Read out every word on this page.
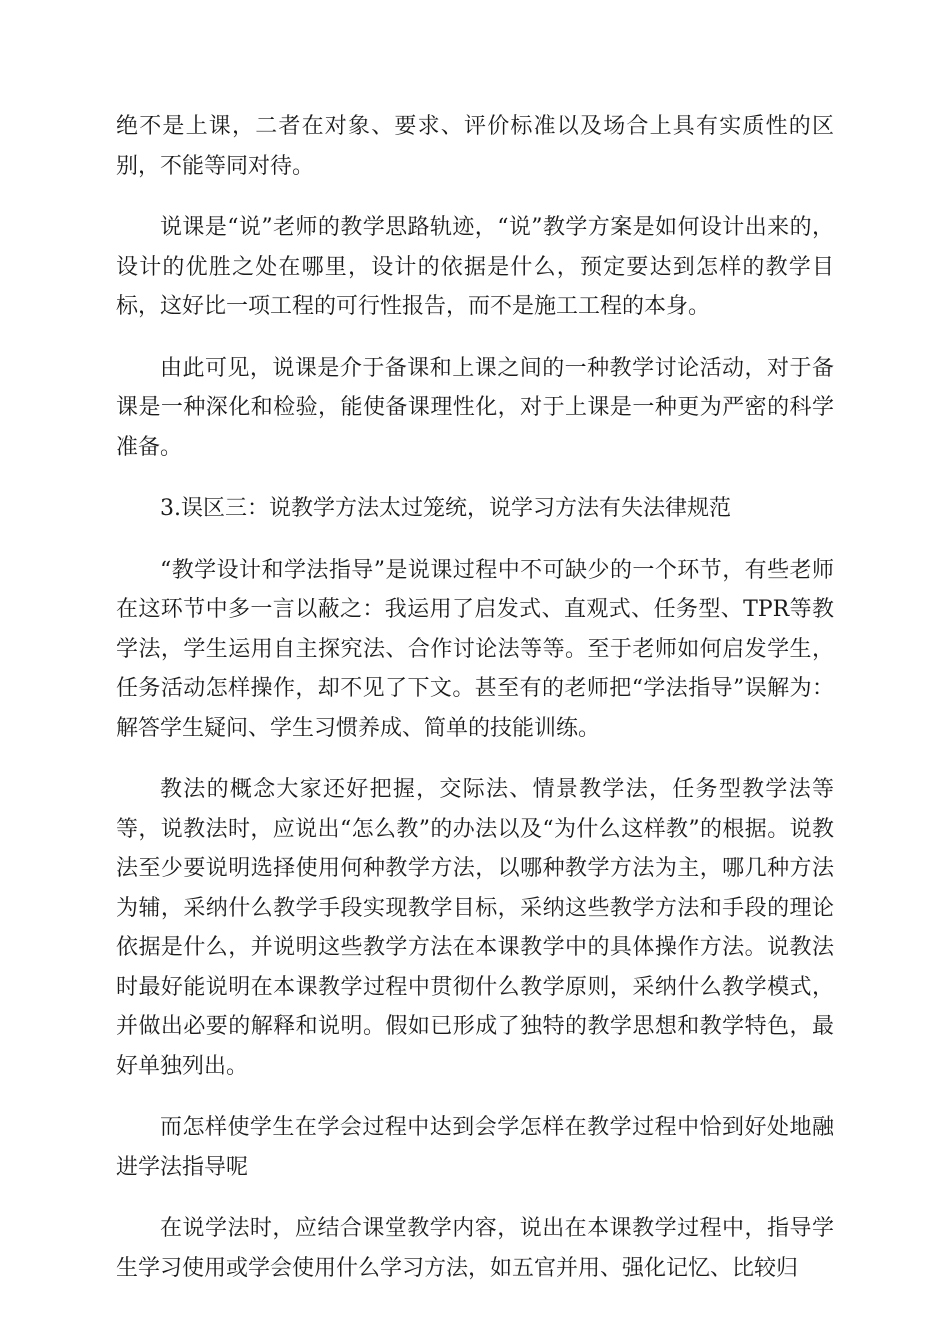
绝不是上课，二者在对象、要求、评价标准以及场合上具有实质性的区别，不能等同对待。

说课是“说”老师的教学思路轨迹，“说”教学方案是如何设计出来的，设计的优胜之处在哪里，设计的依据是什么，预定要达到怎样的教学目标，这好比一项工程的可行性报告，而不是施工工程的本身。

由此可见，说课是介于备课和上课之间的一种教学讨论活动，对于备课是一种深化和检验，能使备课理性化，对于上课是一种更为严密的科学准备。

3.误区三：说教学方法太过笼统，说学习方法有失法律规范

“教学设计和学法指导”是说课过程中不可缺少的一个环节，有些老师在这环节中多一言以蔽之：我运用了启发式、直观式、任务型、TPR等教学法，学生运用自主探究法、合作讨论法等等。至于老师如何启发学生，任务活动怎样操作，却不见了下文。甚至有的老师把“学法指导”误解为：解答学生疑问、学生习惯养成、简单的技能训练。

教法的概念大家还好把握，交际法、情景教学法，任务型教学法等等，说教法时，应说出“怎么教”的办法以及“为什么这样教”的根据。说教法至少要说明选择使用何种教学方法，以哪种教学方法为主，哪几种方法为辅，采纳什么教学手段实现教学目标，采纳这些教学方法和手段的理论依据是什么，并说明这些教学方法在本课教学中的具体操作方法。说教法时最好能说明在本课教学过程中贯彻什么教学原则，采纳什么教学模式，并做出必要的解释和说明。假如已形成了独特的教学思想和教学特色，最好单独列出。

而怎样使学生在学会过程中达到会学怎样在教学过程中恰到好处地融进学法指导呢

在说学法时，应结合课堂教学内容，说出在本课教学过程中，指导学生学习使用或学会使用什么学习方法，如五官并用、强化记忆、比较归
